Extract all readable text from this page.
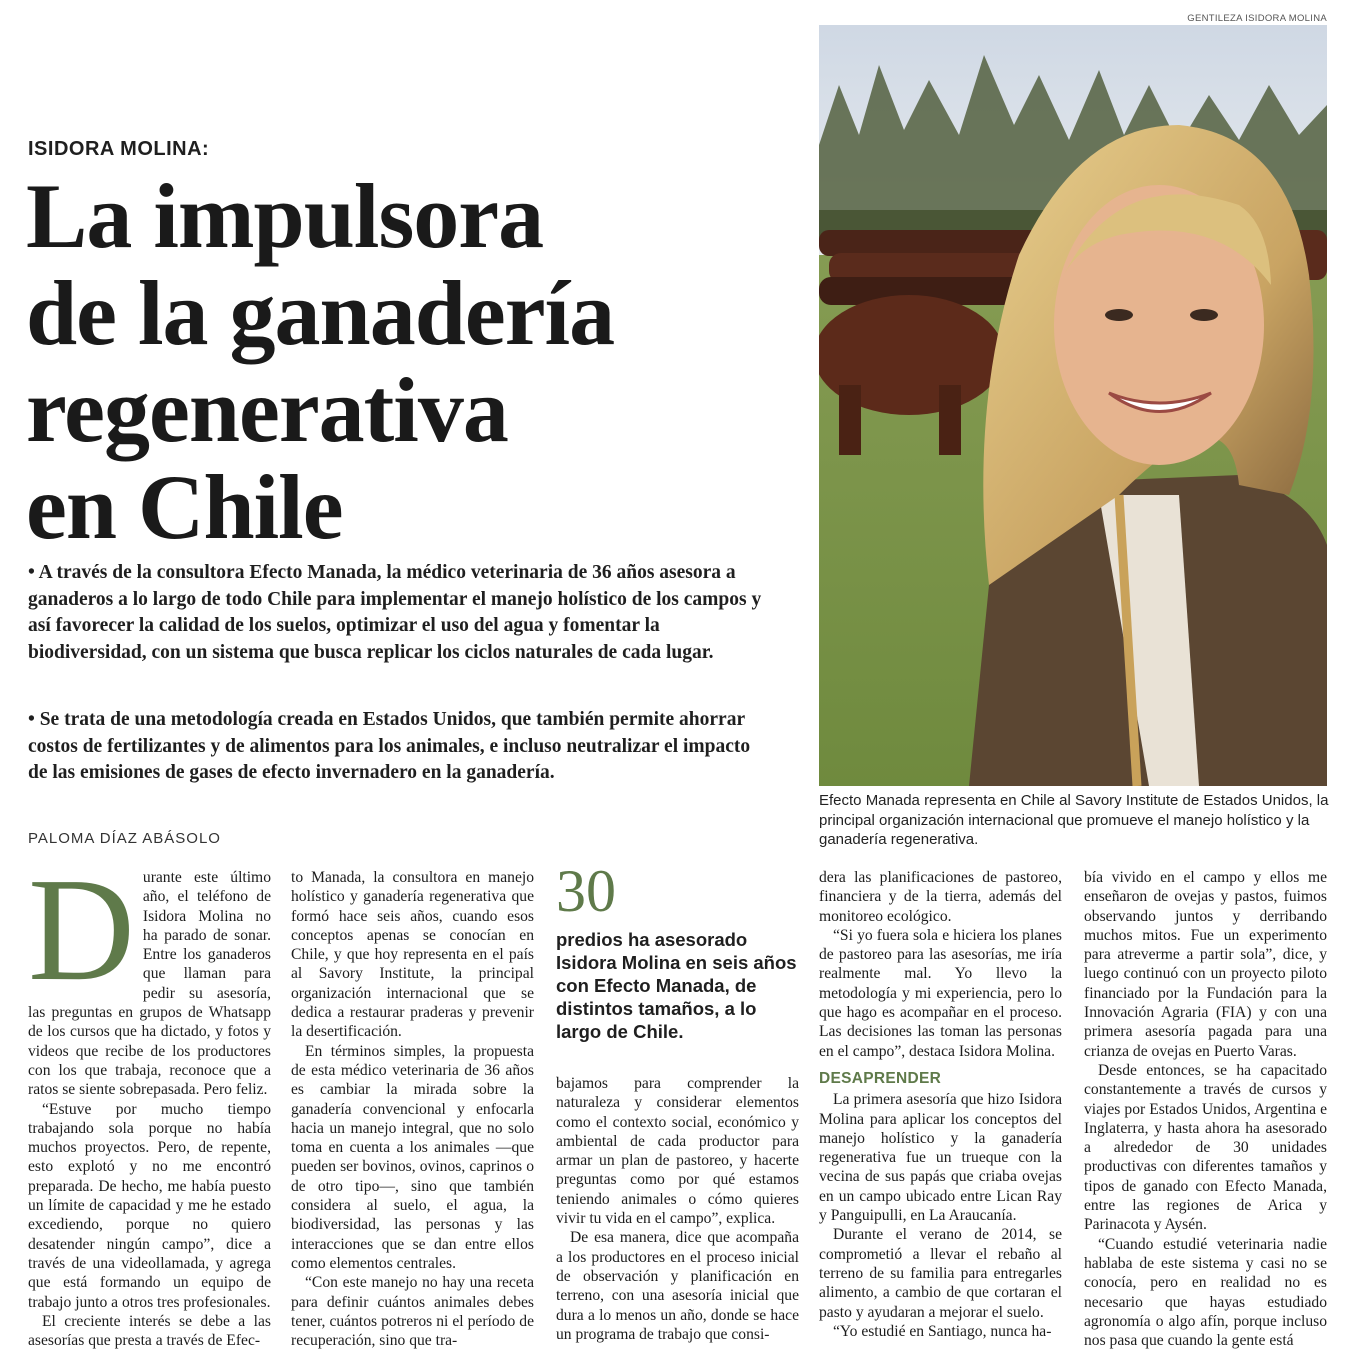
ISIDORA MOLINA:
La impulsora
de la ganadería
regenerativa
en Chile

• A través de la consultora Efecto Manada, la médico veterinaria de 36 años asesora a ganaderos a lo largo de todo Chile para implementar el manejo holístico de los campos y así favorecer la calidad de los suelos, optimizar el uso del agua y fomentar la biodiversidad, con un sistema que busca replicar los ciclos naturales de cada lugar.

• Se trata de una metodología creada en Estados Unidos, que también permite ahorrar costos de fertilizantes y de alimentos para los animales, e incluso neutralizar el impacto de las emisiones de gases de efecto invernadero en la ganadería.

PALOMA DÍAZ ABÁSOLO
GENTILEZA ISIDORA MOLINA

Efecto Manada representa en Chile al Savory Institute de Estados Unidos, la principal organización internacional que promueve el manejo holístico y la ganadería regenerativa.

D urante este último año, el teléfono de Isidora Molina no ha parado de sonar. Entre los ganaderos que llaman para pedir su asesoría, las preguntas en grupos de Whatsapp de los cursos que ha dictado, y fotos y videos que recibe de los productores con los que trabaja, reconoce que a ratos se siente sobrepasada. Pero feliz.

“Estuve por mucho tiempo trabajando sola porque no había muchos proyectos. Pero, de repente, esto explotó y no me encontró preparada. De hecho, me había puesto un límite de capacidad y me he estado excediendo, porque no quiero desatender ningún campo”, dice a través de una videollamada, y agrega que está formando un equipo de trabajo junto a otros tres profesionales.

El creciente interés se debe a las asesorías que presta a través de Efec-

to Manada, la consultora en manejo holístico y ganadería regenerativa que formó hace seis años, cuando esos conceptos apenas se conocían en Chile, y que hoy representa en el país al Savory Institute, la principal organización internacional que se dedica a restaurar praderas y prevenir la desertificación.

En términos simples, la propuesta de esta médico veterinaria de 36 años es cambiar la mirada sobre la ganadería convencional y enfocarla hacia un manejo integral, que no solo toma en cuenta a los animales —que pueden ser bovinos, ovinos, caprinos o de otro tipo—, sino que también considera al suelo, el agua, la biodiversidad, las personas y las interacciones que se dan entre ellos como elementos centrales.

“Con este manejo no hay una receta para definir cuántos animales debes tener, cuántos potreros ni el período de recuperación, sino que tra-

30
predios ha asesorado Isidora Molina en seis años con Efecto Manada, de distintos tamaños, a lo largo de Chile.

bajamos para comprender la naturaleza y considerar elementos como el contexto social, económico y ambiental de cada productor para armar un plan de pastoreo, y hacerte preguntas como por qué estamos teniendo animales o cómo quieres vivir tu vida en el campo”, explica.

De esa manera, dice que acompaña a los productores en el proceso inicial de observación y planificación en terreno, con una asesoría inicial que dura a lo menos un año, donde se hace un programa de trabajo que consi-

dera las planificaciones de pastoreo, financiera y de la tierra, además del monitoreo ecológico.

“Si yo fuera sola e hiciera los planes de pastoreo para las asesorías, me iría realmente mal. Yo llevo la metodología y mi experiencia, pero lo que hago es acompañar en el proceso. Las decisiones las toman las personas en el campo”, destaca Isidora Molina.

DESAPRENDER

La primera asesoría que hizo Isidora Molina para aplicar los conceptos del manejo holístico y la ganadería regenerativa fue un trueque con la vecina de sus papás que criaba ovejas en un campo ubicado entre Lican Ray y Panguipulli, en La Araucanía.

Durante el verano de 2014, se comprometió a llevar el rebaño al terreno de su familia para entregarles alimento, a cambio de que cortaran el pasto y ayudaran a mejorar el suelo.

“Yo estudié en Santiago, nunca ha-

bía vivido en el campo y ellos me enseñaron de ovejas y pastos, fuimos observando juntos y derribando muchos mitos. Fue un experimento para atreverme a partir sola”, dice, y luego continuó con un proyecto piloto financiado por la Fundación para la Innovación Agraria (FIA) y con una primera asesoría pagada para una crianza de ovejas en Puerto Varas.

Desde entonces, se ha capacitado constantemente a través de cursos y viajes por Estados Unidos, Argentina e Inglaterra, y hasta ahora ha asesorado a alrededor de 30 unidades productivas con diferentes tamaños y tipos de ganado con Efecto Manada, entre las regiones de Arica y Parinacota y Aysén.

“Cuando estudié veterinaria nadie hablaba de este sistema y casi no se conocía, pero en realidad no es necesario que hayas estudiado agronomía o algo afín, porque incluso nos pasa que cuando la gente está
